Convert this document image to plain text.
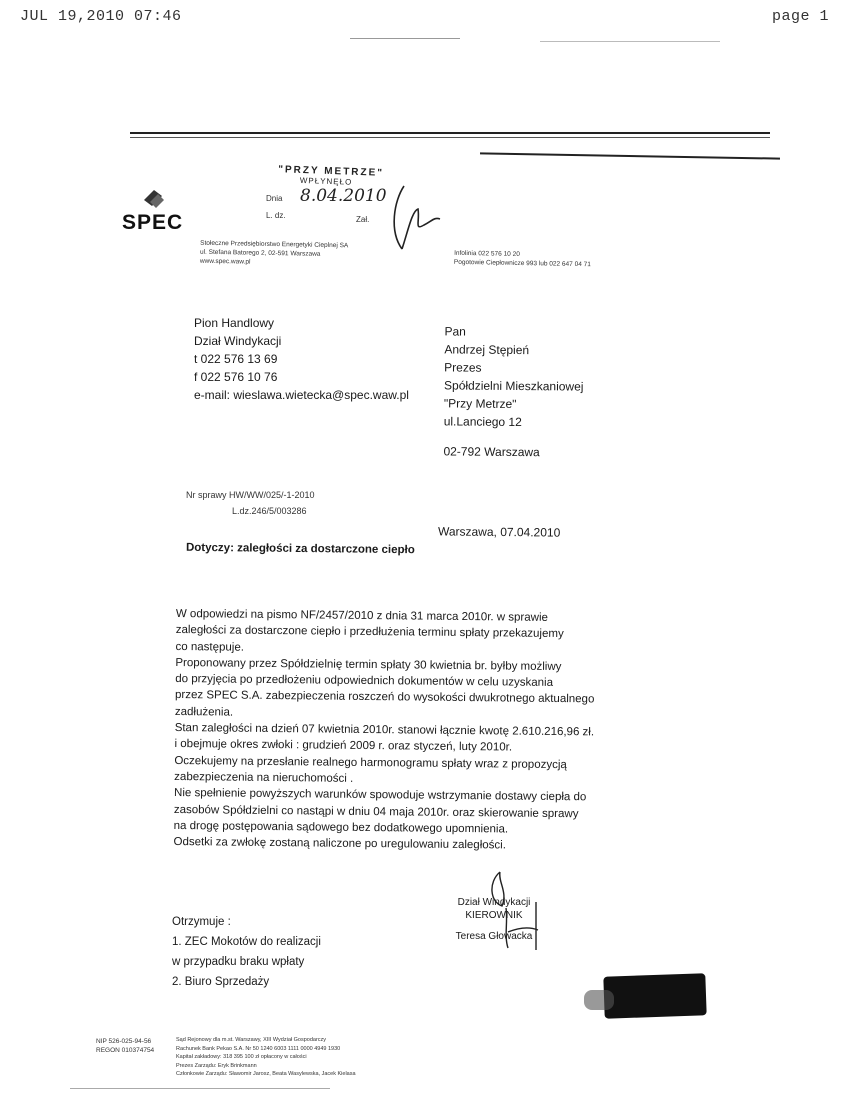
JUL 19,2010 07:46	page 1
SPEC
Stołeczne Przedsiębiorstwo Energetyki Cieplnej SA
ul. Stefana Batorego 2, 02-591 Warszawa
www.spec.waw.pl
Infolinia 022 576 10 20
Pogotowie Ciepłownicze 993 lub 022 647 04 71
"PRZY METRZE"
WPŁYNĘŁO
Dnia 8.04.2010
L. dz.	Zał.
Pion Handlowy
Dział Windykacji
t 022 576 13 69
f 022 576 10 76
e-mail: wieslawa.wietecka@spec.waw.pl
Pan
Andrzej Stępień
Prezes
Spółdzielni Mieszkaniowej
"Przy Metrze"
ul.Lanciego 12
02-792 Warszawa
Nr sprawy HW/WW/025/-1-2010
L.dz.246/5/003286
Warszawa, 07.04.2010
Dotyczy: zaległości za dostarczone ciepło
W odpowiedzi na pismo NF/2457/2010 z dnia 31 marca 2010r. w sprawie
zaległości za dostarczone ciepło i przedłużenia terminu spłaty przekazujemy
co następuje.
Proponowany przez Spółdzielnię termin spłaty 30 kwietnia br. byłby możliwy
do przyjęcia po przedłożeniu odpowiednich dokumentów w celu uzyskania
przez SPEC S.A. zabezpieczenia roszczeń do wysokości dwukrotnego aktualnego
zadłużenia.
Stan zaległości na dzień 07 kwietnia 2010r. stanowi łącznie kwotę 2.610.216,96 zł.
i obejmuje okres zwłoki : grudzień 2009 r. oraz styczeń, luty 2010r.
Oczekujemy na przesłanie realnego harmonogramu spłaty wraz z propozycją
zabezpieczenia na nieruchomości .
Nie spełnienie powyższych warunków spowoduje wstrzymanie dostawy ciepła do
zasobów Spółdzielni co nastąpi w dniu 04 maja 2010r. oraz skierowanie sprawy
na drogę postępowania sądowego bez dodatkowego upomnienia.
Odsetki za zwłokę zostaną naliczone po uregulowaniu zaległości.
Dział Windykacji
KIEROWNIK
Teresa Głowacka
Otrzymuje :
1. ZEC Mokotów do realizacji
w przypadku braku wpłaty
2. Biuro Sprzedaży
NIP 526-025-94-56
REGON 010374754
Sąd Rejonowy dla m.st. Warszawy, XIII Wydział Gospodarczy
Rachunek Bank Pekao S.A. Nr 50 1240 6003 1111 0000 4949 1930
Kapitał zakładowy: 318 395 100 zł opłacony w całości
Prezes Zarządu: Eryk Brinkmann
Członkowie Zarządu: Sławomir Jarosz, Beata Wasylewska, Jacek Kielasa
